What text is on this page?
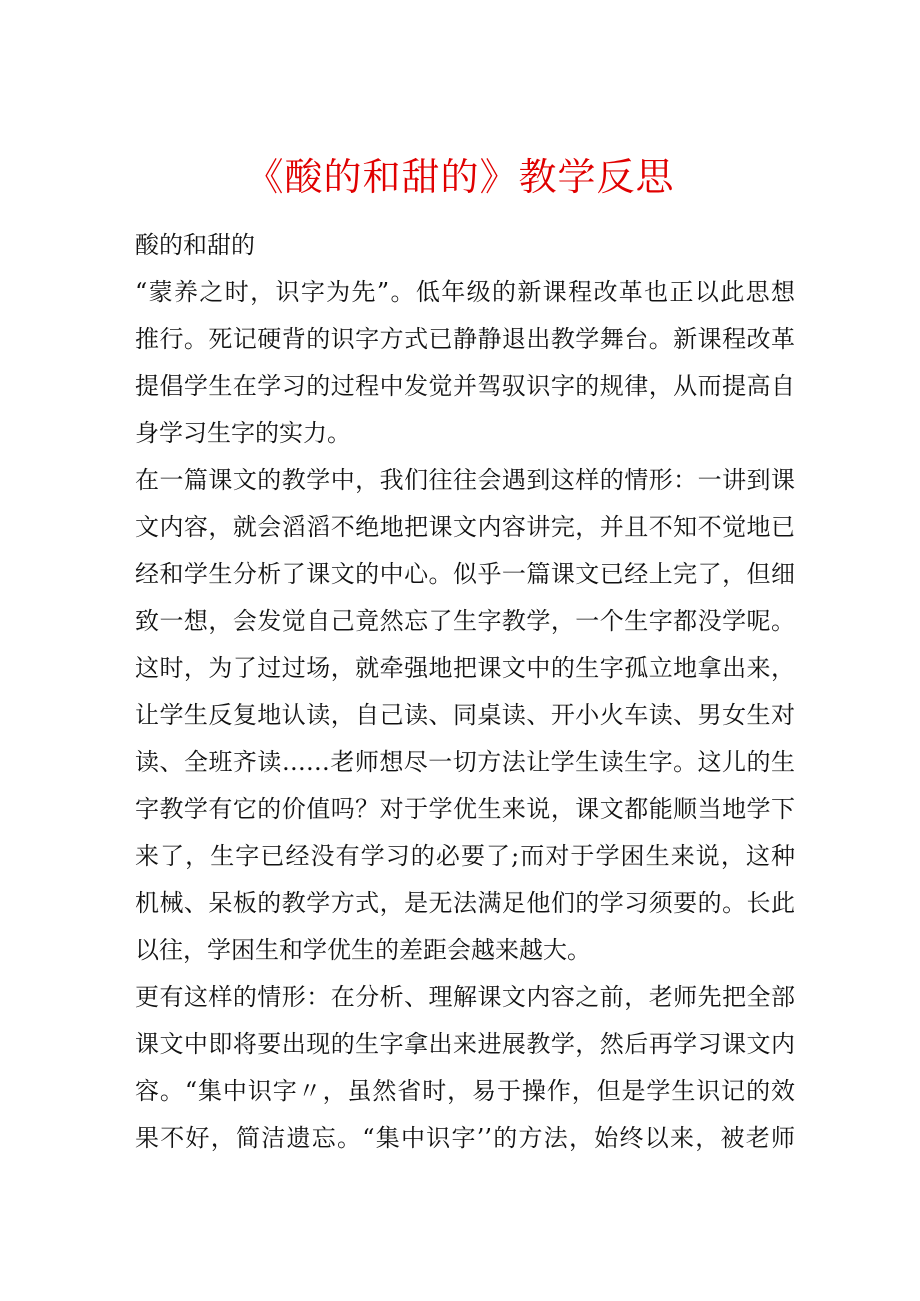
《酸的和甜的》教学反思
酸的和甜的
“蒙养之时，识字为先”。低年级的新课程改革也正以此思想
推行。死记硬背的识字方式已静静退出教学舞台。新课程改革
提倡学生在学习的过程中发觉并驾驭识字的规律，从而提高自
身学习生字的实力。
在一篇课文的教学中，我们往往会遇到这样的情形：一讲到课
文内容，就会滔滔不绝地把课文内容讲完，并且不知不觉地已
经和学生分析了课文的中心。似乎一篇课文已经上完了，但细
致一想，会发觉自己竟然忘了生字教学，一个生字都没学呢。
这时，为了过过场，就牵强地把课文中的生字孤立地拿出来，
让学生反复地认读，自己读、同桌读、开小火车读、男女生对
读、全班齐读……老师想尽一切方法让学生读生字。这儿的生
字教学有它的价值吗？对于学优生来说，课文都能顺当地学下
来了，生字已经没有学习的必要了;而对于学困生来说，这种
机械、呆板的教学方式，是无法满足他们的学习须要的。长此
以往，学困生和学优生的差距会越来越大。
更有这样的情形：在分析、理解课文内容之前，老师先把全部
课文中即将要出现的生字拿出来进展教学，然后再学习课文内
容。“集中识字〃，虽然省时，易于操作，但是学生识记的效
果不好，简洁遗忘。“集中识字’’的方法，始终以来，被老师
